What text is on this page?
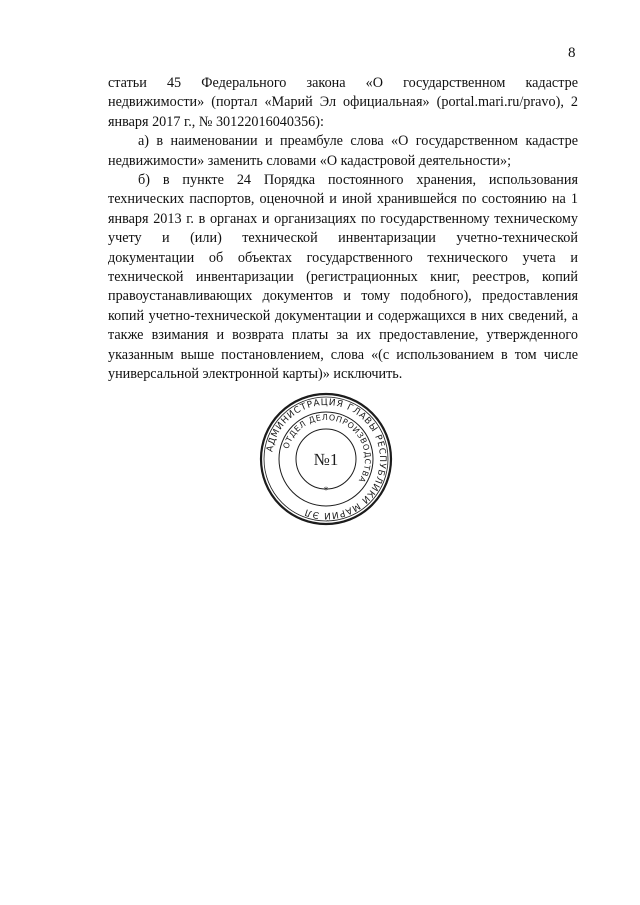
8

статьи 45 Федерального закона «О государственном кадастре недвижимости» (портал «Марий Эл официальная» (portal.mari.ru/pravo), 2 января 2017 г., № 30122016040356):

а) в наименовании и преамбуле слова «О государственном кадастре недвижимости» заменить словами «О кадастровой деятельности»;

б) в пункте 24 Порядка постоянного хранения, использования технических паспортов, оценочной и иной хранившейся по состоянию на 1 января 2013 г. в органах и организациях по государственному техническому учету и (или) технической инвентаризации учетно-технической документации об объектах государственного технического учета и технической инвентаризации (регистрационных книг, реестров, копий правоустанавливающих документов и тому подобного), предоставления копий учетно-технической документации и содержащихся в них сведений, а также взимания и возврата платы за их предоставление, утвержденного указанным выше постановлением, слова «(с использованием в том числе универсальной электронной карты)» исключить.

АДМИНИСТРАЦИЯ ГЛАВЫ РЕСПУБЛИКИ МАРИЙ ЭЛ
ОТДЕЛ ДЕЛОПРОИЗВОДСТВА
№1
*
